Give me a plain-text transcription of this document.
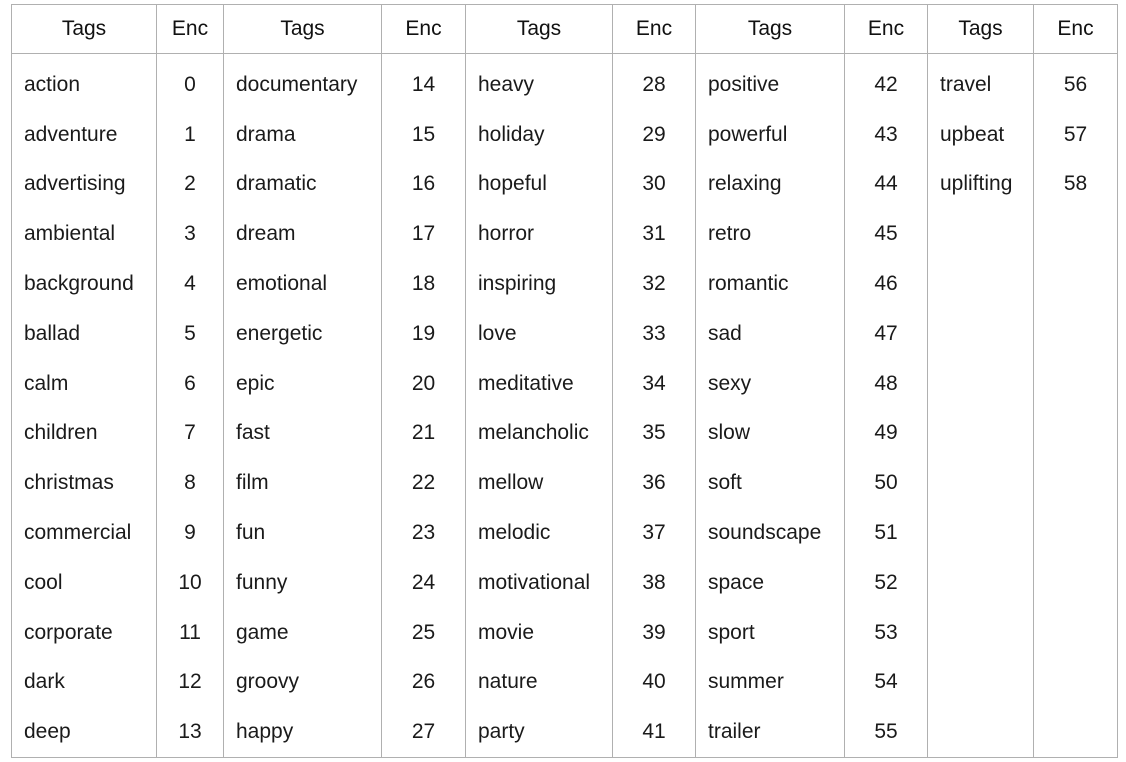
Tags	Enc	Tags	Enc	Tags	Enc	Tags	Enc	Tags	Enc
action	0	documentary	14	heavy	28	positive	42	travel	56
adventure	1	drama	15	holiday	29	powerful	43	upbeat	57
advertising	2	dramatic	16	hopeful	30	relaxing	44	uplifting	58
ambiental	3	dream	17	horror	31	retro	45		
background	4	emotional	18	inspiring	32	romantic	46		
ballad	5	energetic	19	love	33	sad	47		
calm	6	epic	20	meditative	34	sexy	48		
children	7	fast	21	melancholic	35	slow	49		
christmas	8	film	22	mellow	36	soft	50		
commercial	9	fun	23	melodic	37	soundscape	51		
cool	10	funny	24	motivational	38	space	52		
corporate	11	game	25	movie	39	sport	53		
dark	12	groovy	26	nature	40	summer	54		
deep	13	happy	27	party	41	trailer	55		
